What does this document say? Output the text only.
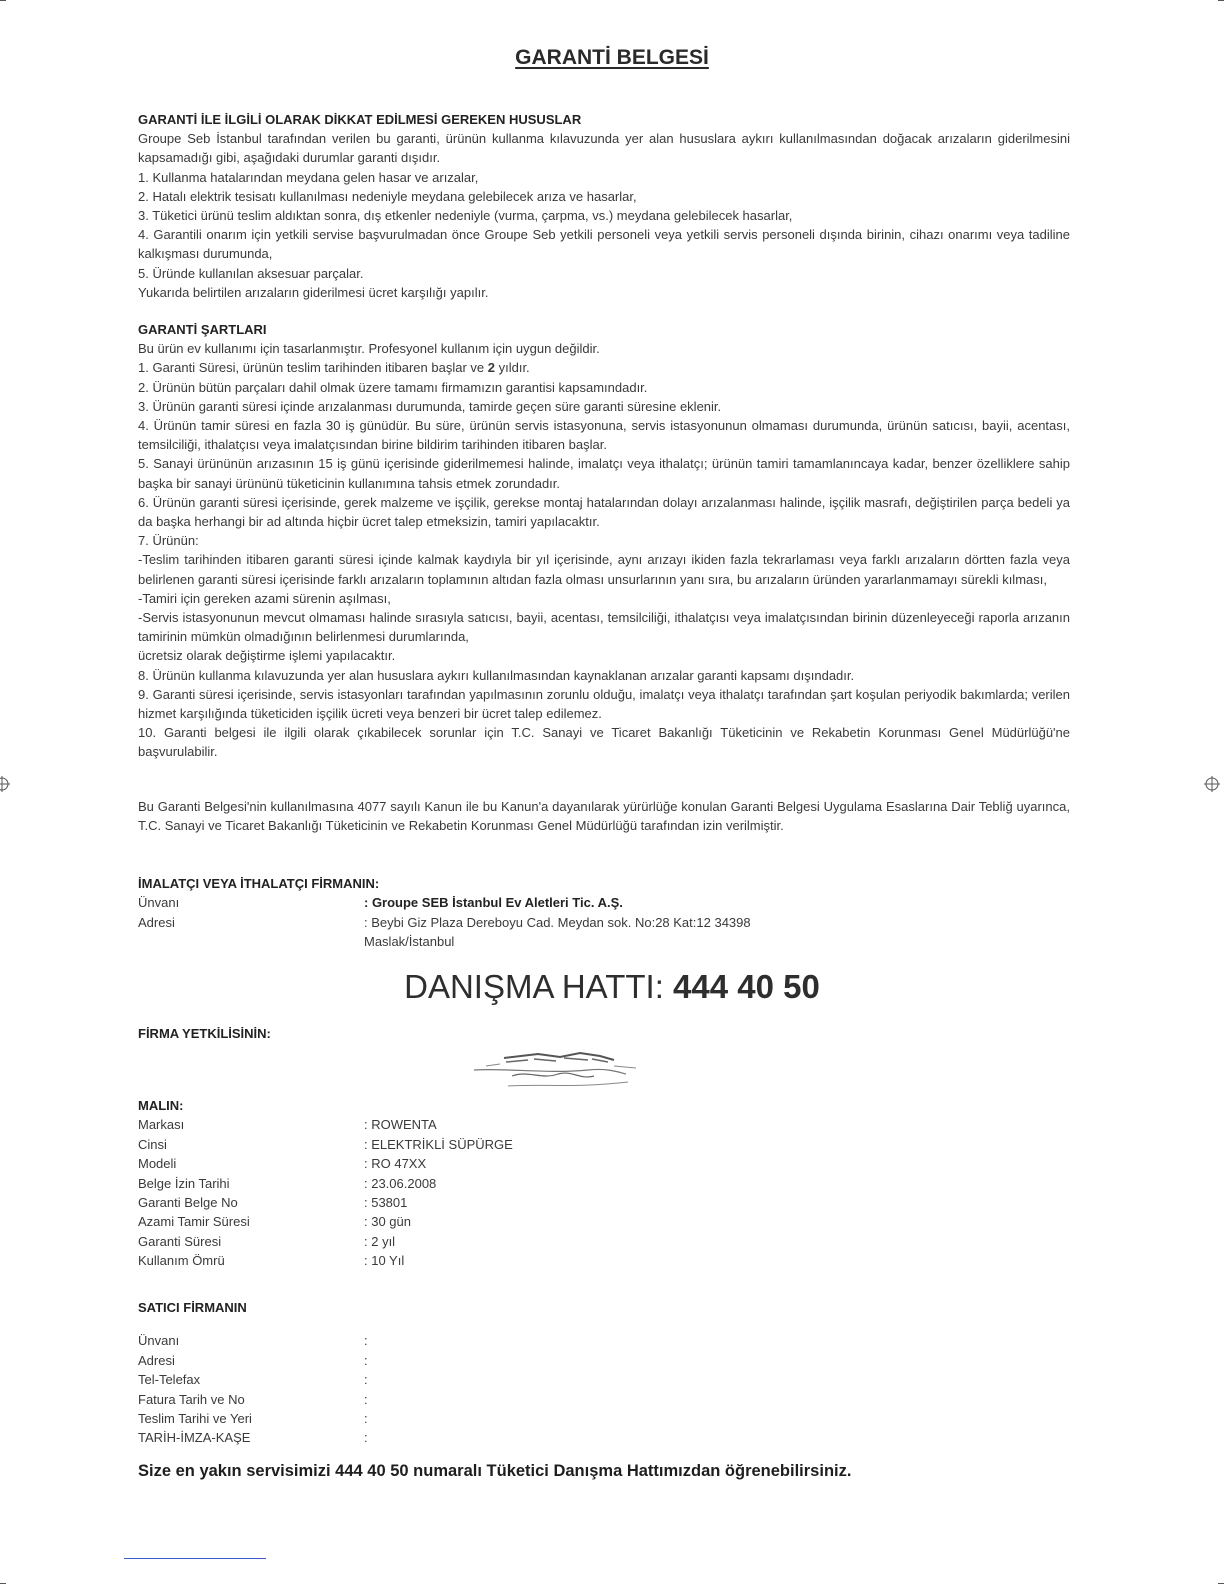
GARANTİ BELGESİ

GARANTİ İLE İLGİLİ OLARAK DİKKAT EDİLMESİ GEREKEN HUSUSLAR

Groupe Seb İstanbul tarafından verilen bu garanti, ürünün kullanma kılavuzunda yer alan hususlara aykırı kullanılmasından doğacak arızaların giderilmesini kapsamadığı gibi, aşağıdaki durumlar garanti dışıdır.

1. Kullanma hatalarından meydana gelen hasar ve arızalar,

2. Hatalı elektrik tesisatı kullanılması nedeniyle meydana gelebilecek arıza ve hasarlar,

3. Tüketici ürünü teslim aldıktan sonra, dış etkenler nedeniyle (vurma, çarpma, vs.) meydana gelebilecek hasarlar,

4. Garantili onarım için yetkili servise başvurulmadan önce Groupe Seb yetkili personeli veya yetkili servis personeli dışında birinin, cihazı onarımı veya tadiline kalkışması durumunda,

5. Üründe kullanılan aksesuar parçalar.

Yukarıda belirtilen arızaların giderilmesi ücret karşılığı yapılır.

GARANTİ ŞARTLARI

Bu ürün ev kullanımı için tasarlanmıştır. Profesyonel kullanım için uygun değildir.

1. Garanti Süresi, ürünün teslim tarihinden itibaren başlar ve 2 yıldır.

2. Ürünün bütün parçaları dahil olmak üzere tamamı firmamızın garantisi kapsamındadır.

3. Ürünün garanti süresi içinde arızalanması durumunda, tamirde geçen süre garanti süresine eklenir.

4. Ürünün tamir süresi en fazla 30 iş günüdür. Bu süre, ürünün servis istasyonuna, servis istasyonunun olmaması durumunda, ürünün satıcısı, bayii, acentası, temsilciliği, ithalatçısı veya imalatçısından birine bildirim tarihinden itibaren başlar.

5. Sanayi ürününün arızasının 15 iş günü içerisinde giderilmemesi halinde, imalatçı veya ithalatçı; ürünün tamiri tamamlanıncaya kadar, benzer özelliklere sahip başka bir sanayi ürününü tüketicinin kullanımına tahsis etmek zorundadır.

6. Ürünün garanti süresi içerisinde, gerek malzeme ve işçilik, gerekse montaj hatalarından dolayı arızalanması halinde, işçilik masrafı, değiştirilen parça bedeli ya da başka herhangi bir ad altında hiçbir ücret talep etmeksizin, tamiri yapılacaktır.

7. Ürünün:

-Teslim tarihinden itibaren garanti süresi içinde kalmak kaydıyla bir yıl içerisinde, aynı arızayı ikiden fazla tekrarlaması veya farklı arızaların dörtten fazla veya belirlenen garanti süresi içerisinde farklı arızaların toplamının altıdan fazla olması unsurlarının yanı sıra, bu arızaların üründen yararlanmamayı sürekli kılması,

-Tamiri için gereken azami sürenin aşılması,

-Servis istasyonunun mevcut olmaması halinde sırasıyla satıcısı, bayii, acentası, temsilciliği, ithalatçısı veya imalatçısından birinin düzenleyeceği raporla arızanın tamirinin mümkün olmadığının belirlenmesi durumlarında,

ücretsiz olarak değiştirme işlemi yapılacaktır.

8. Ürünün kullanma kılavuzunda yer alan hususlara aykırı kullanılmasından kaynaklanan arızalar garanti kapsamı dışındadır.

9. Garanti süresi içerisinde, servis istasyonları tarafından yapılmasının zorunlu olduğu, imalatçı veya ithalatçı tarafından şart koşulan periyodik bakımlarda; verilen hizmet karşılığında tüketiciden işçilik ücreti veya benzeri bir ücret talep edilemez.

10. Garanti belgesi ile ilgili olarak çıkabilecek sorunlar için T.C. Sanayi ve Ticaret Bakanlığı Tüketicinin ve Rekabetin Korunması Genel Müdürlüğü'ne başvurulabilir.

Bu Garanti Belgesi'nin kullanılmasına 4077 sayılı Kanun ile bu Kanun'a dayanılarak yürürlüğe konulan Garanti Belgesi Uygulama Esaslarına Dair Tebliğ uyarınca, T.C. Sanayi ve Ticaret Bakanlığı Tüketicinin ve Rekabetin Korunması Genel Müdürlüğü tarafından izin verilmiştir.

İMALATÇI VEYA İTHALATÇI FİRMANIN:
Ünvanı	: Groupe SEB İstanbul Ev Aletleri Tic. A.Ş.
Adresi	: Beybi Giz Plaza Dereboyu Cad. Meydan sok. No:28 Kat:12 34398
Maslak/İstanbul
DANIŞMA HATTI: 444 40 50
FİRMA YETKİLİSİNİN:
MALIN:
Markası	: ROWENTA
Cinsi	: ELEKTRİKLİ SÜPÜRGE
Modeli	: RO 47XX
Belge İzin Tarihi	: 23.06.2008
Garanti Belge No	: 53801
Azami Tamir Süresi	: 30 gün
Garanti Süresi	: 2 yıl
Kullanım Ömrü	: 10 Yıl
SATICI FİRMANIN
Ünvanı	:
Adresi	:
Tel-Telefax	:
Fatura Tarih ve No	:
Teslim Tarihi ve Yeri	:
TARİH-İMZA-KAŞE	:
Size en yakın servisimizi 444 40 50 numaralı Tüketici Danışma Hattımızdan öğrenebilirsiniz.
